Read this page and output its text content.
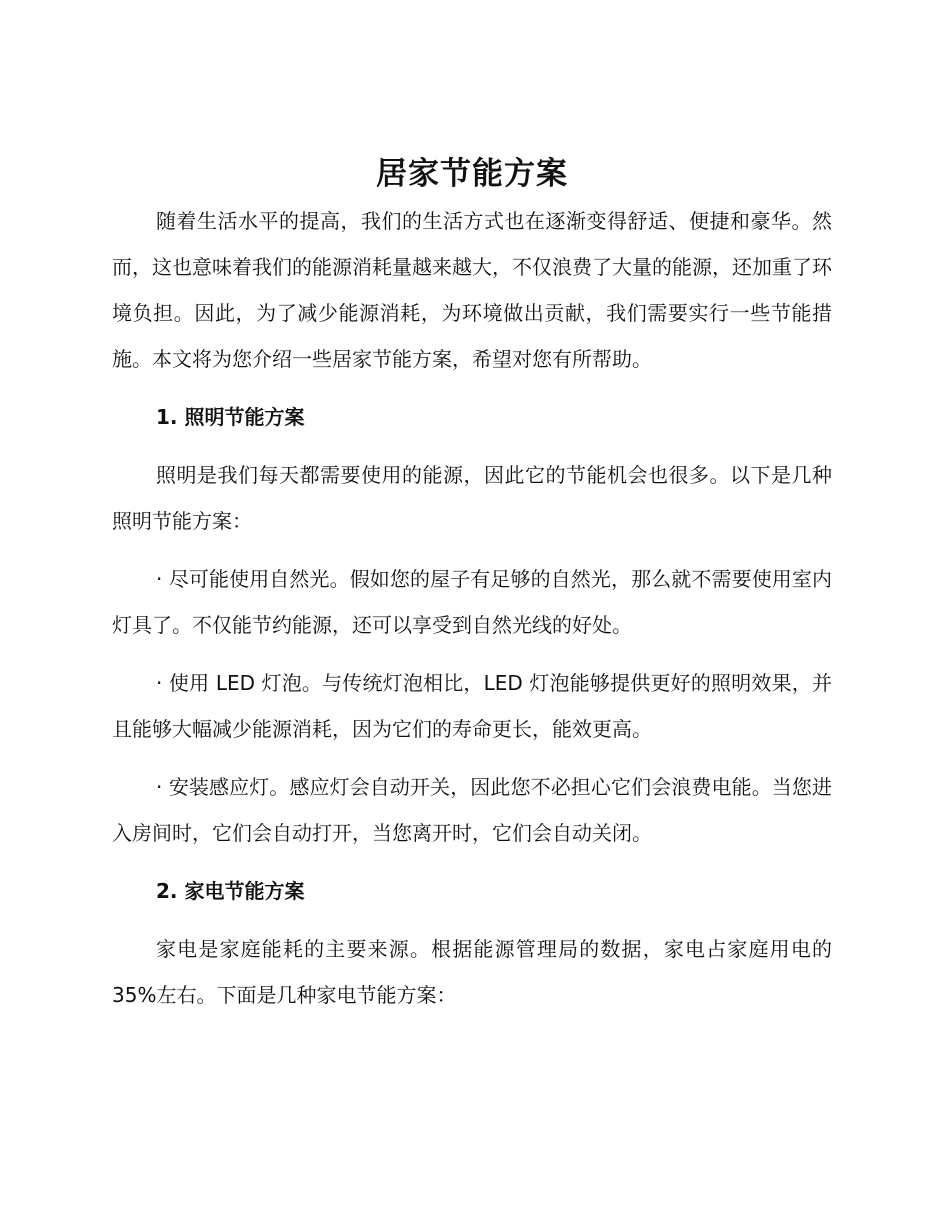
居家节能方案

随着生活水平的提高，我们的生活方式也在逐渐变得舒适、便捷和豪华。然而，这也意味着我们的能源消耗量越来越大，不仅浪费了大量的能源，还加重了环境负担。因此，为了减少能源消耗，为环境做出贡献，我们需要实行一些节能措施。本文将为您介绍一些居家节能方案，希望对您有所帮助。

1. 照明节能方案

照明是我们每天都需要使用的能源，因此它的节能机会也很多。以下是几种照明节能方案：

· 尽可能使用自然光。假如您的屋子有足够的自然光，那么就不需要使用室内灯具了。不仅能节约能源，还可以享受到自然光线的好处。

· 使用 LED 灯泡。与传统灯泡相比，LED 灯泡能够提供更好的照明效果，并且能够大幅减少能源消耗，因为它们的寿命更长，能效更高。

· 安装感应灯。感应灯会自动开关，因此您不必担心它们会浪费电能。当您进入房间时，它们会自动打开，当您离开时，它们会自动关闭。

2. 家电节能方案

家电是家庭能耗的主要来源。根据能源管理局的数据，家电占家庭用电的 35%左右。下面是几种家电节能方案：
